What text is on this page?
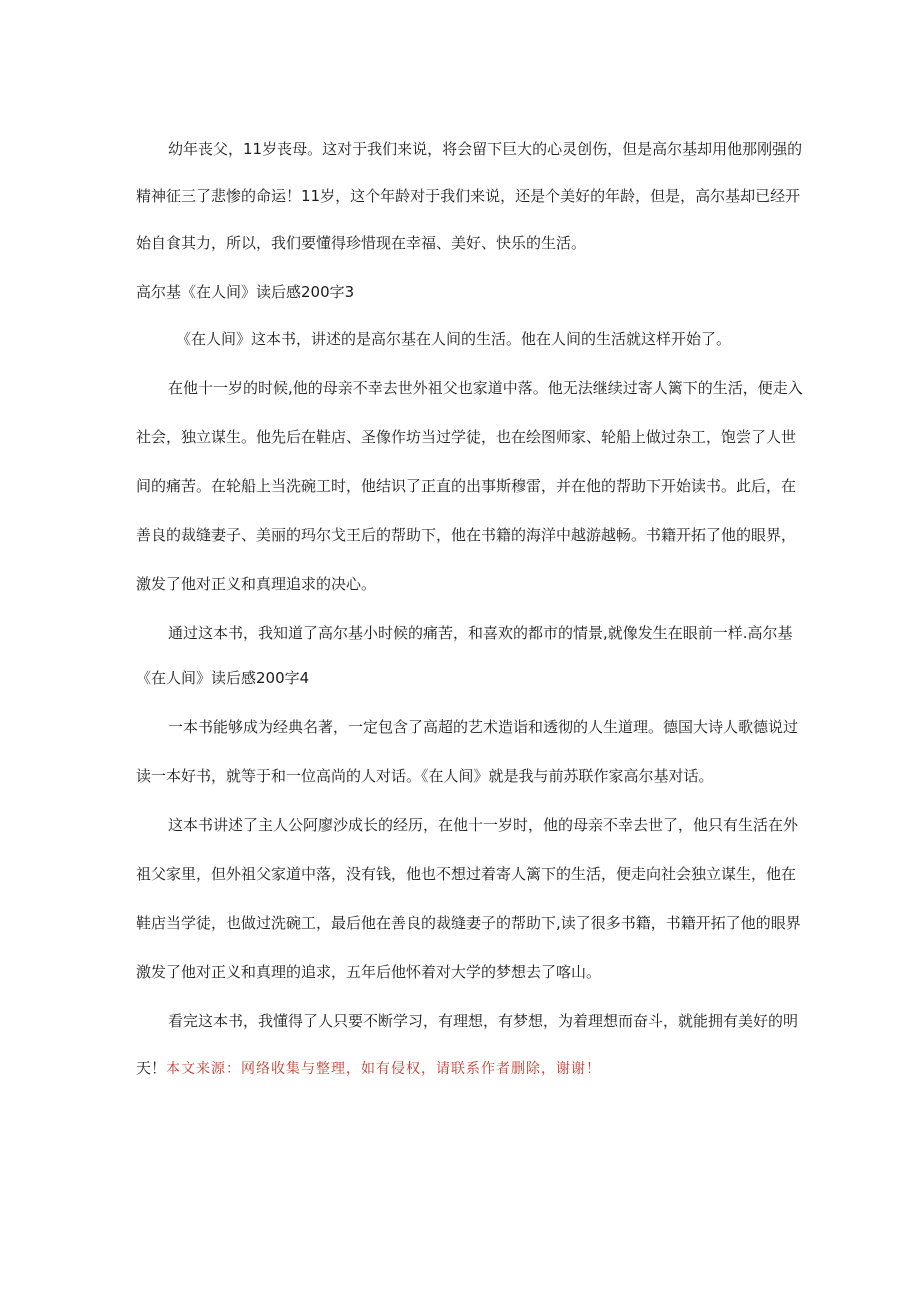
幼年丧父，11岁丧母。这对于我们来说，将会留下巨大的心灵创伤，但是高尔基却用他那刚强的
精神征三了悲惨的命运！11岁，这个年龄对于我们来说，还是个美好的年龄，但是，高尔基却已经开
始自食其力，所以，我们要懂得珍惜现在幸福、美好、快乐的生活。
高尔基《在人间》读后感200字3
《在人间》这本书，讲述的是高尔基在人间的生活。他在人间的生活就这样开始了。
在他十一岁的时候,他的母亲不幸去世外祖父也家道中落。他无法继续过寄人篱下的生活，便走入
社会，独立谋生。他先后在鞋店、圣像作坊当过学徒，也在绘图师家、轮船上做过杂工，饱尝了人世
间的痛苦。在轮船上当洗碗工时，他结识了正直的出事斯穆雷，并在他的帮助下开始读书。此后，在
善良的裁缝妻子、美丽的玛尔戈王后的帮助下，他在书籍的海洋中越游越畅。书籍开拓了他的眼界，
激发了他对正义和真理追求的决心。
通过这本书，我知道了高尔基小时候的痛苦，和喜欢的都市的情景,就像发生在眼前一样.高尔基
《在人间》读后感200字4
一本书能够成为经典名著，一定包含了高超的艺术造诣和透彻的人生道理。德国大诗人歌德说过
读一本好书，就等于和一位高尚的人对话。《在人间》就是我与前苏联作家高尔基对话。
这本书讲述了主人公阿廖沙成长的经历，在他十一岁时，他的母亲不幸去世了，他只有生活在外
祖父家里，但外祖父家道中落，没有钱，他也不想过着寄人篱下的生活，便走向社会独立谋生，他在
鞋店当学徒，也做过洗碗工，最后他在善良的裁缝妻子的帮助下,读了很多书籍，书籍开拓了他的眼界
激发了他对正义和真理的追求，五年后他怀着对大学的梦想去了喀山。
看完这本书，我懂得了人只要不断学习，有理想，有梦想，为着理想而奋斗，就能拥有美好的明
天！本文来源：网络收集与整理，如有侵权，请联系作者删除，谢谢！
